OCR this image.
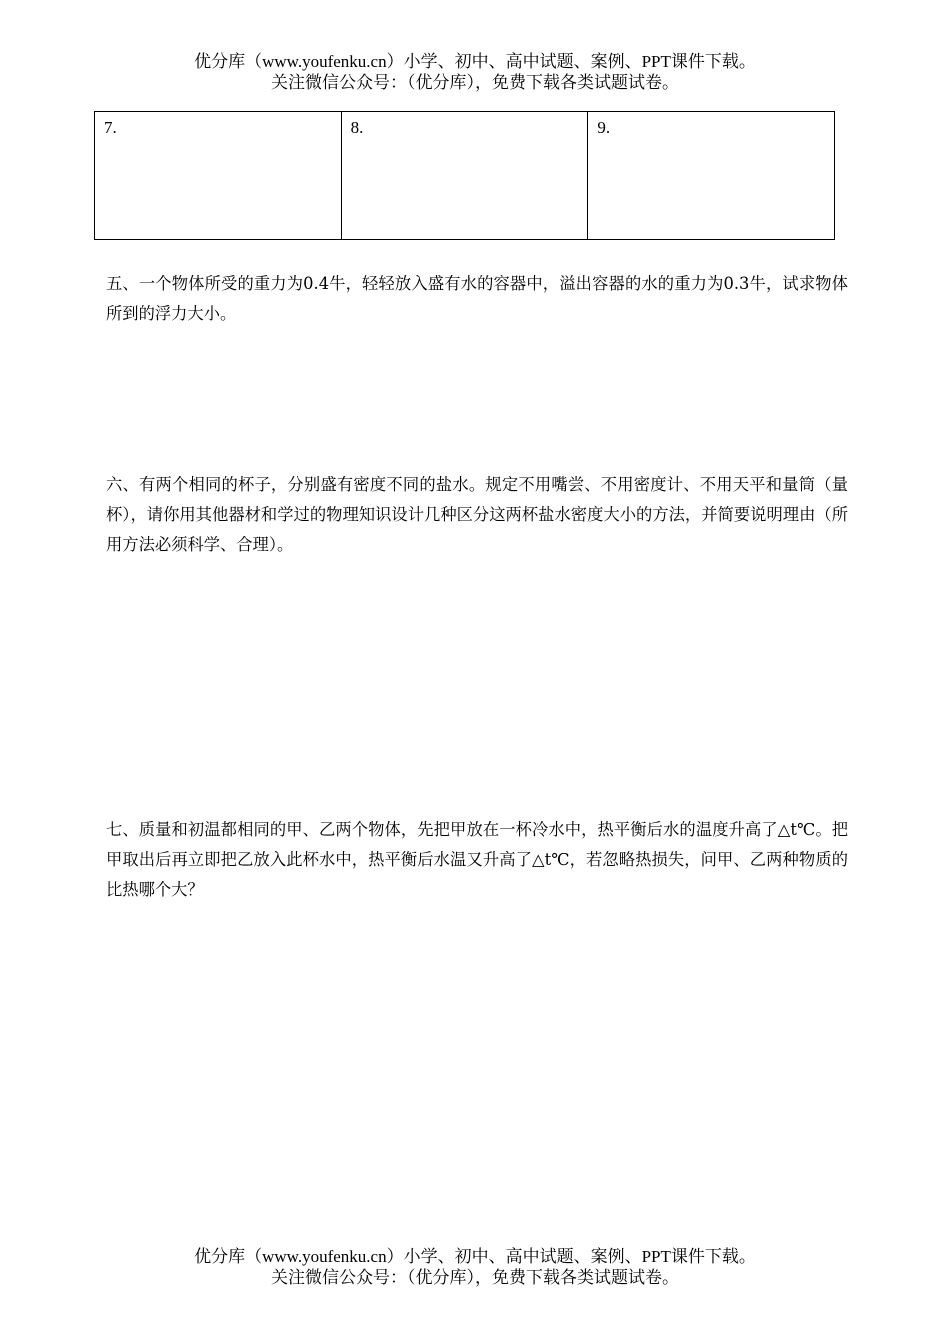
优分库（www.youfenku.cn）小学、初中、高中试题、案例、PPT课件下载。
关注微信公众号：（优分库），免费下载各类试题试卷。
7.	8.	9.

五、一个物体所受的重力为0.4牛，轻轻放入盛有水的容器中，溢出容器的水的重力为0.3牛，试求物体所到的浮力大小。

六、有两个相同的杯子，分别盛有密度不同的盐水。规定不用嘴尝、不用密度计、不用天平和量筒（量杯），请你用其他器材和学过的物理知识设计几种区分这两杯盐水密度大小的方法，并简要说明理由（所用方法必须科学、合理）。

七、质量和初温都相同的甲、乙两个物体，先把甲放在一杯冷水中，热平衡后水的温度升高了△t℃。把甲取出后再立即把乙放入此杯水中，热平衡后水温又升高了△t℃，若忽略热损失，问甲、乙两种物质的比热哪个大？

优分库（www.youfenku.cn）小学、初中、高中试题、案例、PPT课件下载。
关注微信公众号：（优分库），免费下载各类试题试卷。
